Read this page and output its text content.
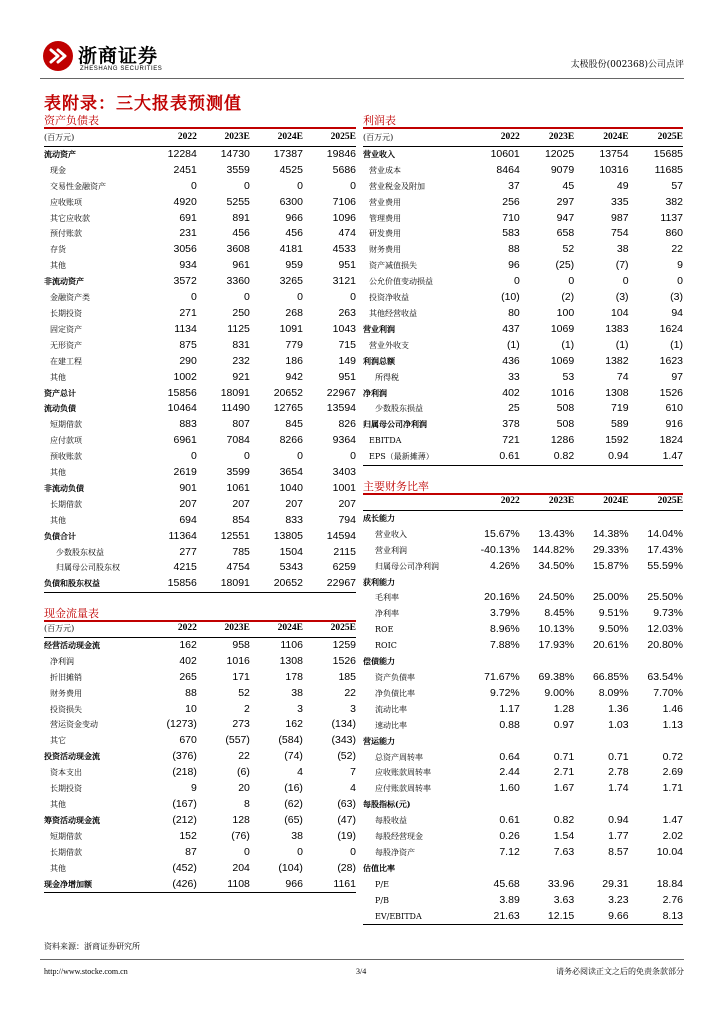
浙商证券
ZHESHANG SECURITIES	太极股份(002368)公司点评
表附录：三大报表预测值
资产负债表	利润表
现金流量表
主要财务比率
(百万元)	2022	2023E	2024E	2025E
流动资产	12284	14730	17387	19846
现金	2451	3559	4525	5686
交易性金融资产	0	0	0	0
应收账项	4920	5255	6300	7106
其它应收款	691	891	966	1096
预付账款	231	456	456	474
存货	3056	3608	4181	4533
其他	934	961	959	951
非流动资产	3572	3360	3265	3121
金融资产类	0	0	0	0
长期投资	271	250	268	263
固定资产	1134	1125	1091	1043
无形资产	875	831	779	715
在建工程	290	232	186	149
其他	1002	921	942	951
资产总计	15856	18091	20652	22967
流动负债	10464	11490	12765	13594
短期借款	883	807	845	826
应付款项	6961	7084	8266	9364
预收账款	0	0	0	0
其他	2619	3599	3654	3403
非流动负债	901	1061	1040	1001
长期借款	207	207	207	207
其他	694	854	833	794
负债合计	11364	12551	13805	14594
少数股东权益	277	785	1504	2115
归属母公司股东权	4215	4754	5343	6259
负债和股东权益	15856	18091	20652	22967
(百万元)	2022	2023E	2024E	2025E
营业收入	10601	12025	13754	15685
营业成本	8464	9079	10316	11685
营业税金及附加	37	45	49	57
营业费用	256	297	335	382
管理费用	710	947	987	1137
研发费用	583	658	754	860
财务费用	88	52	38	22
资产减值损失	96	(25)	(7)	9
公允价值变动损益	0	0	0	0
投资净收益	(10)	(2)	(3)	(3)
其他经营收益	80	100	104	94
营业利润	437	1069	1383	1624
营业外收支	(1)	(1)	(1)	(1)
利润总额	436	1069	1382	1623
所得税	33	53	74	97
净利润	402	1016	1308	1526
少数股东损益	25	508	719	610
归属母公司净利润	378	508	589	916
EBITDA	721	1286	1592	1824
EPS（最新摊薄）	0.61	0.82	0.94	1.47
	2022	2023E	2024E	2025E
成长能力				
营业收入	15.67%	13.43%	14.38%	14.04%
营业利润	-40.13%	144.82%	29.33%	17.43%
归属母公司净利润	4.26%	34.50%	15.87%	55.59%
获利能力				
毛利率	20.16%	24.50%	25.00%	25.50%
净利率	3.79%	8.45%	9.51%	9.73%
ROE	8.96%	10.13%	9.50%	12.03%
ROIC	7.88%	17.93%	20.61%	20.80%
偿债能力				
资产负债率	71.67%	69.38%	66.85%	63.54%
净负债比率	9.72%	9.00%	8.09%	7.70%
流动比率	1.17	1.28	1.36	1.46
速动比率	0.88	0.97	1.03	1.13
营运能力				
总资产周转率	0.64	0.71	0.71	0.72
应收账款周转率	2.44	2.71	2.78	2.69
应付账款周转率	1.60	1.67	1.74	1.71
每股指标(元)				
每股收益	0.61	0.82	0.94	1.47
每股经营现金	0.26	1.54	1.77	2.02
每股净资产	7.12	7.63	8.57	10.04
估值比率				
P/E	45.68	33.96	29.31	18.84
P/B	3.89	3.63	3.23	2.76
EV/EBITDA	21.63	12.15	9.66	8.13
(百万元)	2022	2023E	2024E	2025E
经营活动现金流	162	958	1106	1259
净利润	402	1016	1308	1526
折旧摊销	265	171	178	185
财务费用	88	52	38	22
投资损失	10	2	3	3
营运资金变动	(1273)	273	162	(134)
其它	670	(557)	(584)	(343)
投资活动现金流	(376)	22	(74)	(52)
资本支出	(218)	(6)	4	7
长期投资	9	20	(16)	4
其他	(167)	8	(62)	(63)
筹资活动现金流	(212)	128	(65)	(47)
短期借款	152	(76)	38	(19)
长期借款	87	0	0	0
其他	(452)	204	(104)	(28)
现金净增加额	(426)	1108	966	1161
资料来源：浙商证券研究所
http://www.stocke.com.cn	3/4	请务必阅读正文之后的免责条款部分
